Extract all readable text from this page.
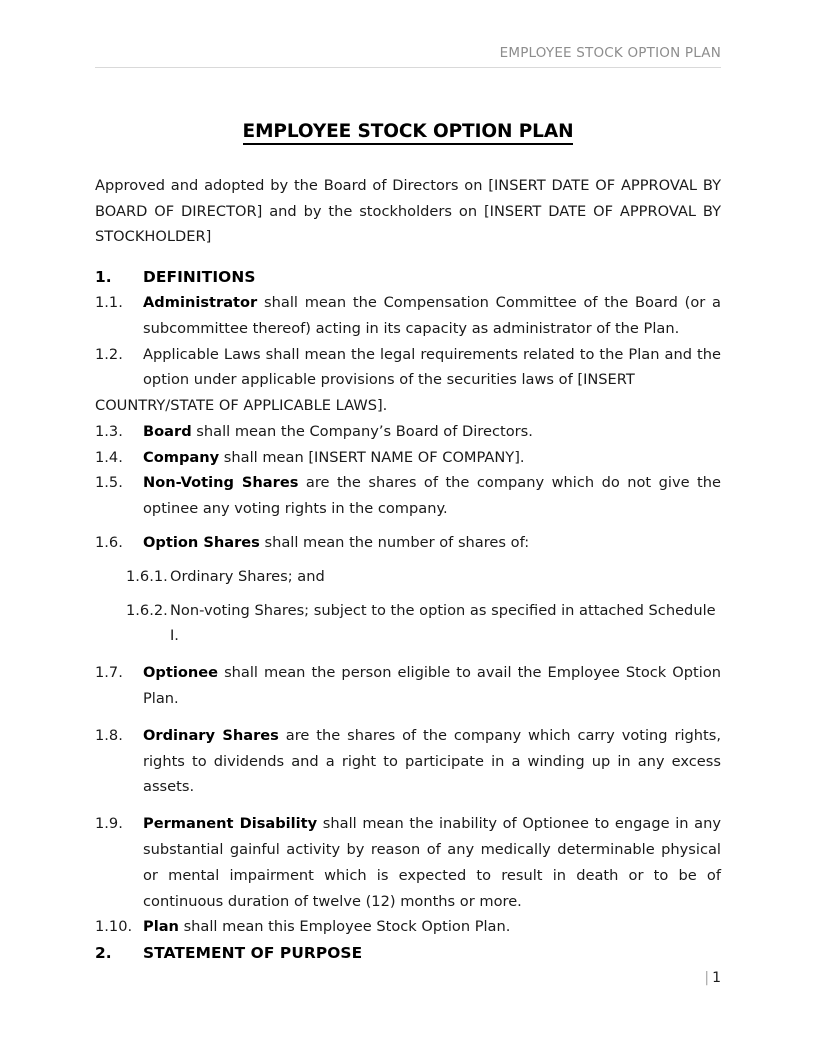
EMPLOYEE STOCK OPTION PLAN
EMPLOYEE STOCK OPTION PLAN

Approved and adopted by the Board of Directors on [INSERT DATE OF APPROVAL BY BOARD OF DIRECTOR] and by the stockholders on [INSERT DATE OF APPROVAL BY STOCKHOLDER]

1.	DEFINITIONS
1.1.	Administrator shall mean the Compensation Committee of the Board (or a subcommittee thereof) acting in its capacity as administrator of the Plan.
1.2.	Applicable Laws shall mean the legal requirements related to the Plan and the option under applicable provisions of the securities laws of [INSERT
COUNTRY/STATE OF APPLICABLE LAWS].
1.3.	Board shall mean the Company’s Board of Directors.
1.4.	Company shall mean [INSERT NAME OF COMPANY].
1.5.	Non-Voting Shares are the shares of the company which do not give the optinee any voting rights in the company.
1.6.	Option Shares shall mean the number of shares of:
1.6.1. Ordinary Shares; and
1.6.2. Non-voting Shares; subject to the option as specified in attached Schedule
I.
1.7.	Optionee shall mean the person eligible to avail the Employee Stock Option Plan.
1.8.	Ordinary Shares are the shares of the company which carry voting rights, rights to dividends and a right to participate in a winding up in any excess assets.
1.9.	Permanent Disability shall mean the inability of Optionee to engage in any substantial gainful activity by reason of any medically determinable physical or mental impairment which is expected to result in death or to be of continuous duration of twelve (12) months or more.
1.10. Plan shall mean this Employee Stock Option Plan.
2.	STATEMENT OF PURPOSE
| 1
